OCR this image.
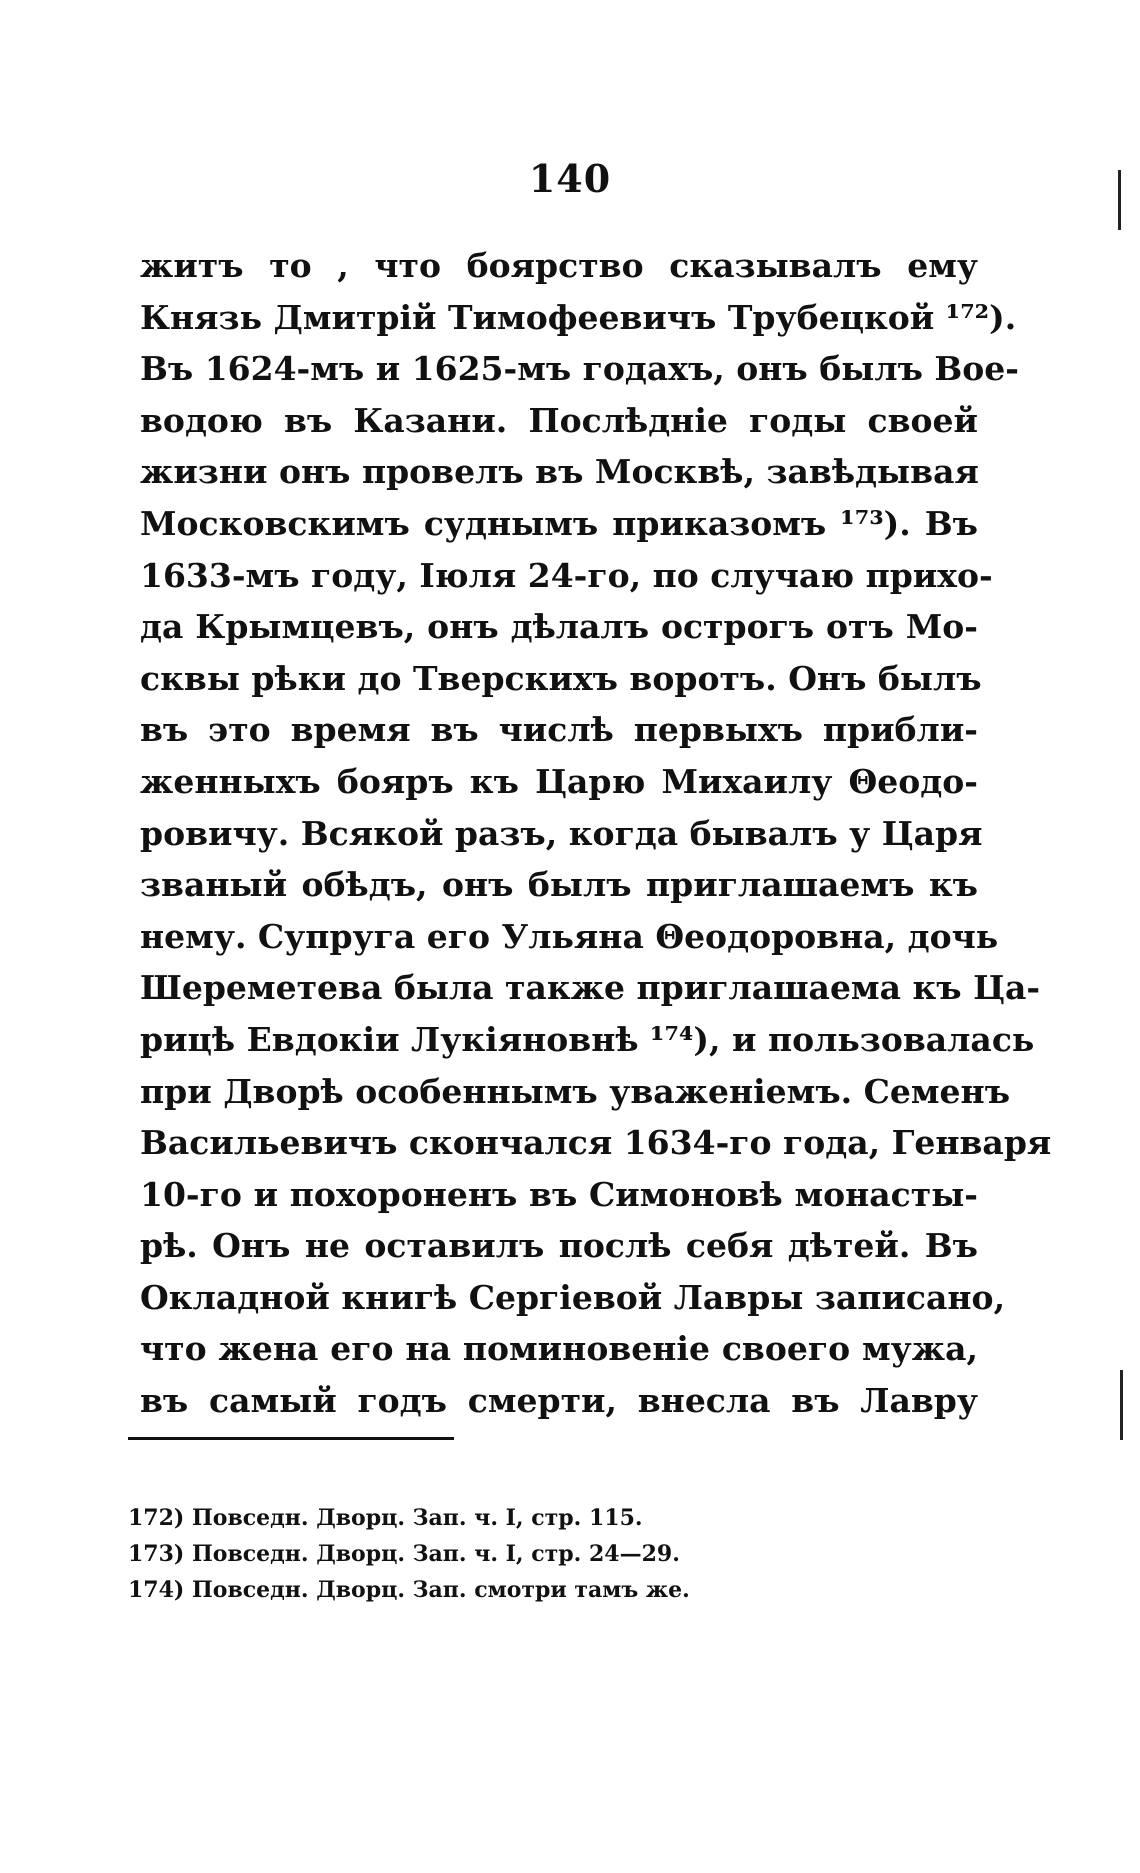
140
житъ то , что боярство сказывалъ ему
Князь Дмитрій Тимофеевичъ Трубецкой ¹⁷²).
Въ 1624-мъ и 1625-мъ годахъ, онъ былъ Вое-
водою въ Казани. Послѣдніе годы своей
жизни онъ провелъ въ Москвѣ, завѣдывая
Московскимъ суднымъ приказомъ ¹⁷³). Въ
1633-мъ году, Іюля 24-го, по случаю прихо-
да Крымцевъ, онъ дѣлалъ острогъ отъ Мо-
сквы рѣки до Тверскихъ воротъ. Онъ былъ
въ это время въ числѣ первыхъ прибли-
женныхъ бояръ къ Царю Михаилу Θеодо-
ровичу. Всякой разъ, когда бывалъ у Царя
званый обѣдъ, онъ былъ приглашаемъ къ
нему. Супруга его Ульяна Θеодоровна, дочь
Шереметева была также приглашаема къ Ца-
рицѣ Евдокіи Лукіяновнѣ ¹⁷⁴), и пользовалась
при Дворѣ особеннымъ уваженіемъ. Семенъ
Васильевичъ скончался 1634-го года, Генваря
10-го и похороненъ въ Симоновѣ монасты-
рѣ. Онъ не оставилъ послѣ себя дѣтей. Въ
Окладной книгѣ Сергіевой Лавры записано,
что жена его на поминовеніе своего мужа,
въ самый годъ смерти, внесла въ Лавру
172) Повседн. Дворц. Зап. ч. I, стр. 115.
173) Повседн. Дворц. Зап. ч. I, стр. 24—29.
174) Повседн. Дворц. Зап. смотри тамъ же.
